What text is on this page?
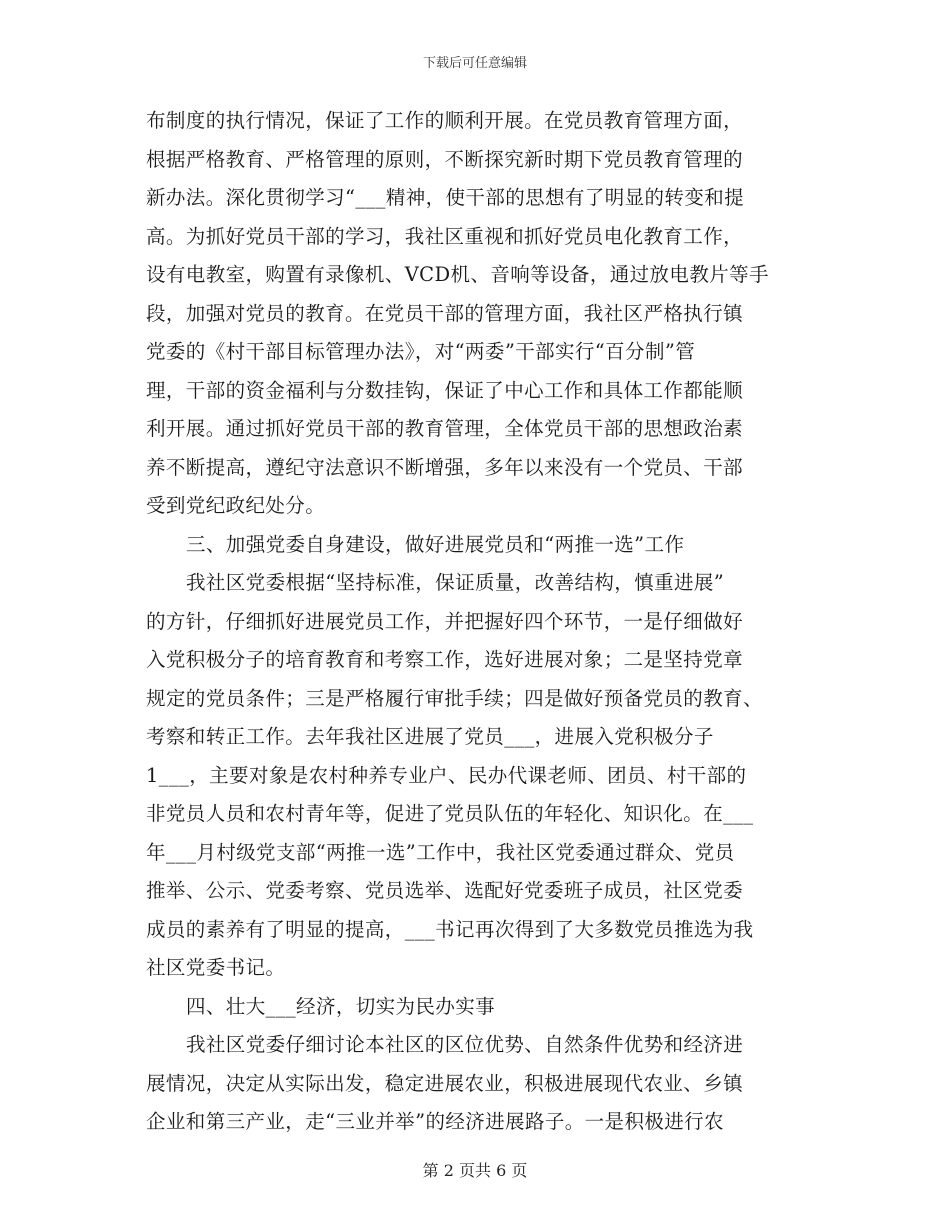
下载后可任意编辑
布制度的执行情况，保证了工作的顺利开展。在党员教育管理方面，
根据严格教育、严格管理的原则，不断探究新时期下党员教育管理的
新办法。深化贯彻学习“___精神，使干部的思想有了明显的转变和提
高。为抓好党员干部的学习，我社区重视和抓好党员电化教育工作，
设有电教室，购置有录像机、VCD机、音响等设备，通过放电教片等手
段，加强对党员的教育。在党员干部的管理方面，我社区严格执行镇
党委的《村干部目标管理办法》，对“两委”干部实行“百分制”管
理，干部的资金福利与分数挂钩，保证了中心工作和具体工作都能顺
利开展。通过抓好党员干部的教育管理，全体党员干部的思想政治素
养不断提高，遵纪守法意识不断增强，多年以来没有一个党员、干部
受到党纪政纪处分。
三、加强党委自身建设，做好进展党员和“两推一选”工作
我社区党委根据“坚持标准，保证质量，改善结构，慎重进展”
的方针，仔细抓好进展党员工作，并把握好四个环节，一是仔细做好
入党积极分子的培育教育和考察工作，选好进展对象；二是坚持党章
规定的党员条件；三是严格履行审批手续；四是做好预备党员的教育、
考察和转正工作。去年我社区进展了党员___，进展入党积极分子
1___，主要对象是农村种养专业户、民办代课老师、团员、村干部的
非党员人员和农村青年等，促进了党员队伍的年轻化、知识化。在___
年___月村级党支部“两推一选”工作中，我社区党委通过群众、党员
推举、公示、党委考察、党员选举、选配好党委班子成员，社区党委
成员的素养有了明显的提高，___书记再次得到了大多数党员推选为我
社区党委书记。
四、壮大___经济，切实为民办实事
我社区党委仔细讨论本社区的区位优势、自然条件优势和经济进
展情况，决定从实际出发，稳定进展农业，积极进展现代农业、乡镇
企业和第三产业，走“三业并举”的经济进展路子。一是积极进行农
第 2 页共 6 页
